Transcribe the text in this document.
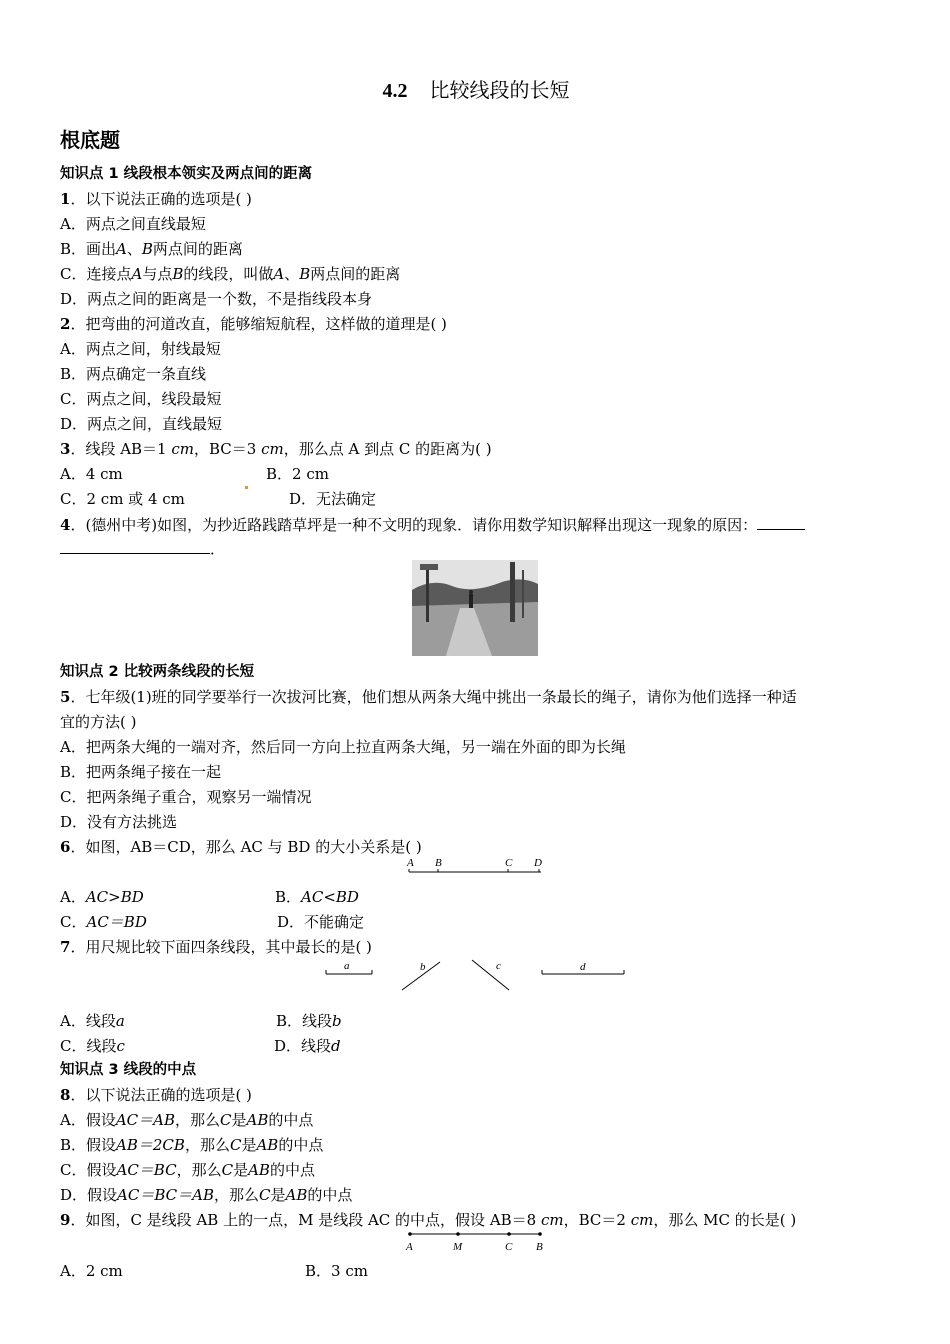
4.2 比较线段的长短
根底题
知识点 1 线段根本领实及两点间的距离
1．以下说法正确的选项是( )
A．两点之间直线最短
B．画出A、B两点间的距离
C．连接点A与点B的线段，叫做A、B两点间的距离
D．两点之间的距离是一个数，不是指线段本身
2．把弯曲的河道改直，能够缩短航程，这样做的道理是( )
A．两点之间，射线最短
B．两点确定一条直线
C．两点之间，线段最短
D．两点之间，直线最短
3．线段 AB＝1 cm，BC＝3 cm，那么点 A 到点 C 的距离为( )
A．4 cm	B．2 cm
C．2 cm 或 4 cm	D．无法确定
4．(德州中考)如图，为抄近路践踏草坪是一种不文明的现象．请你用数学知识解释出现这一现象的原因：
．
知识点 2 比较两条线段的长短
5．七年级(1)班的同学要举行一次拔河比赛，他们想从两条大绳中挑出一条最长的绳子，请你为他们选择一种适
宜的方法( )
A．把两条大绳的一端对齐，然后同一方向上拉直两条大绳，另一端在外面的即为长绳
B．把两条绳子接在一起
C．把两条绳子重合，观察另一端情况
D．没有方法挑选
6．如图，AB＝CD，那么 AC 与 BD 的大小关系是( )
A B	C D
A．AC>BD	B．AC<BD
C．AC＝BD	D．不能确定
7．用尺规比较下面四条线段，其中最长的是( )
a	b	c	d
A．线段a	B．线段b
C．线段c	D．线段d
知识点 3 线段的中点
8．以下说法正确的选项是( )
A．假设AC＝AB，那么C是AB的中点
B．假设AB＝2CB，那么C是AB的中点
C．假设AC＝BC，那么C是AB的中点
D．假设AC＝BC＝AB，那么C是AB的中点
9．如图，C 是线段 AB 上的一点，M 是线段 AC 的中点，假设 AB＝8 cm，BC＝2 cm，那么 MC 的长是( )
A	M	C B
A．2 cm	B．3 cm
